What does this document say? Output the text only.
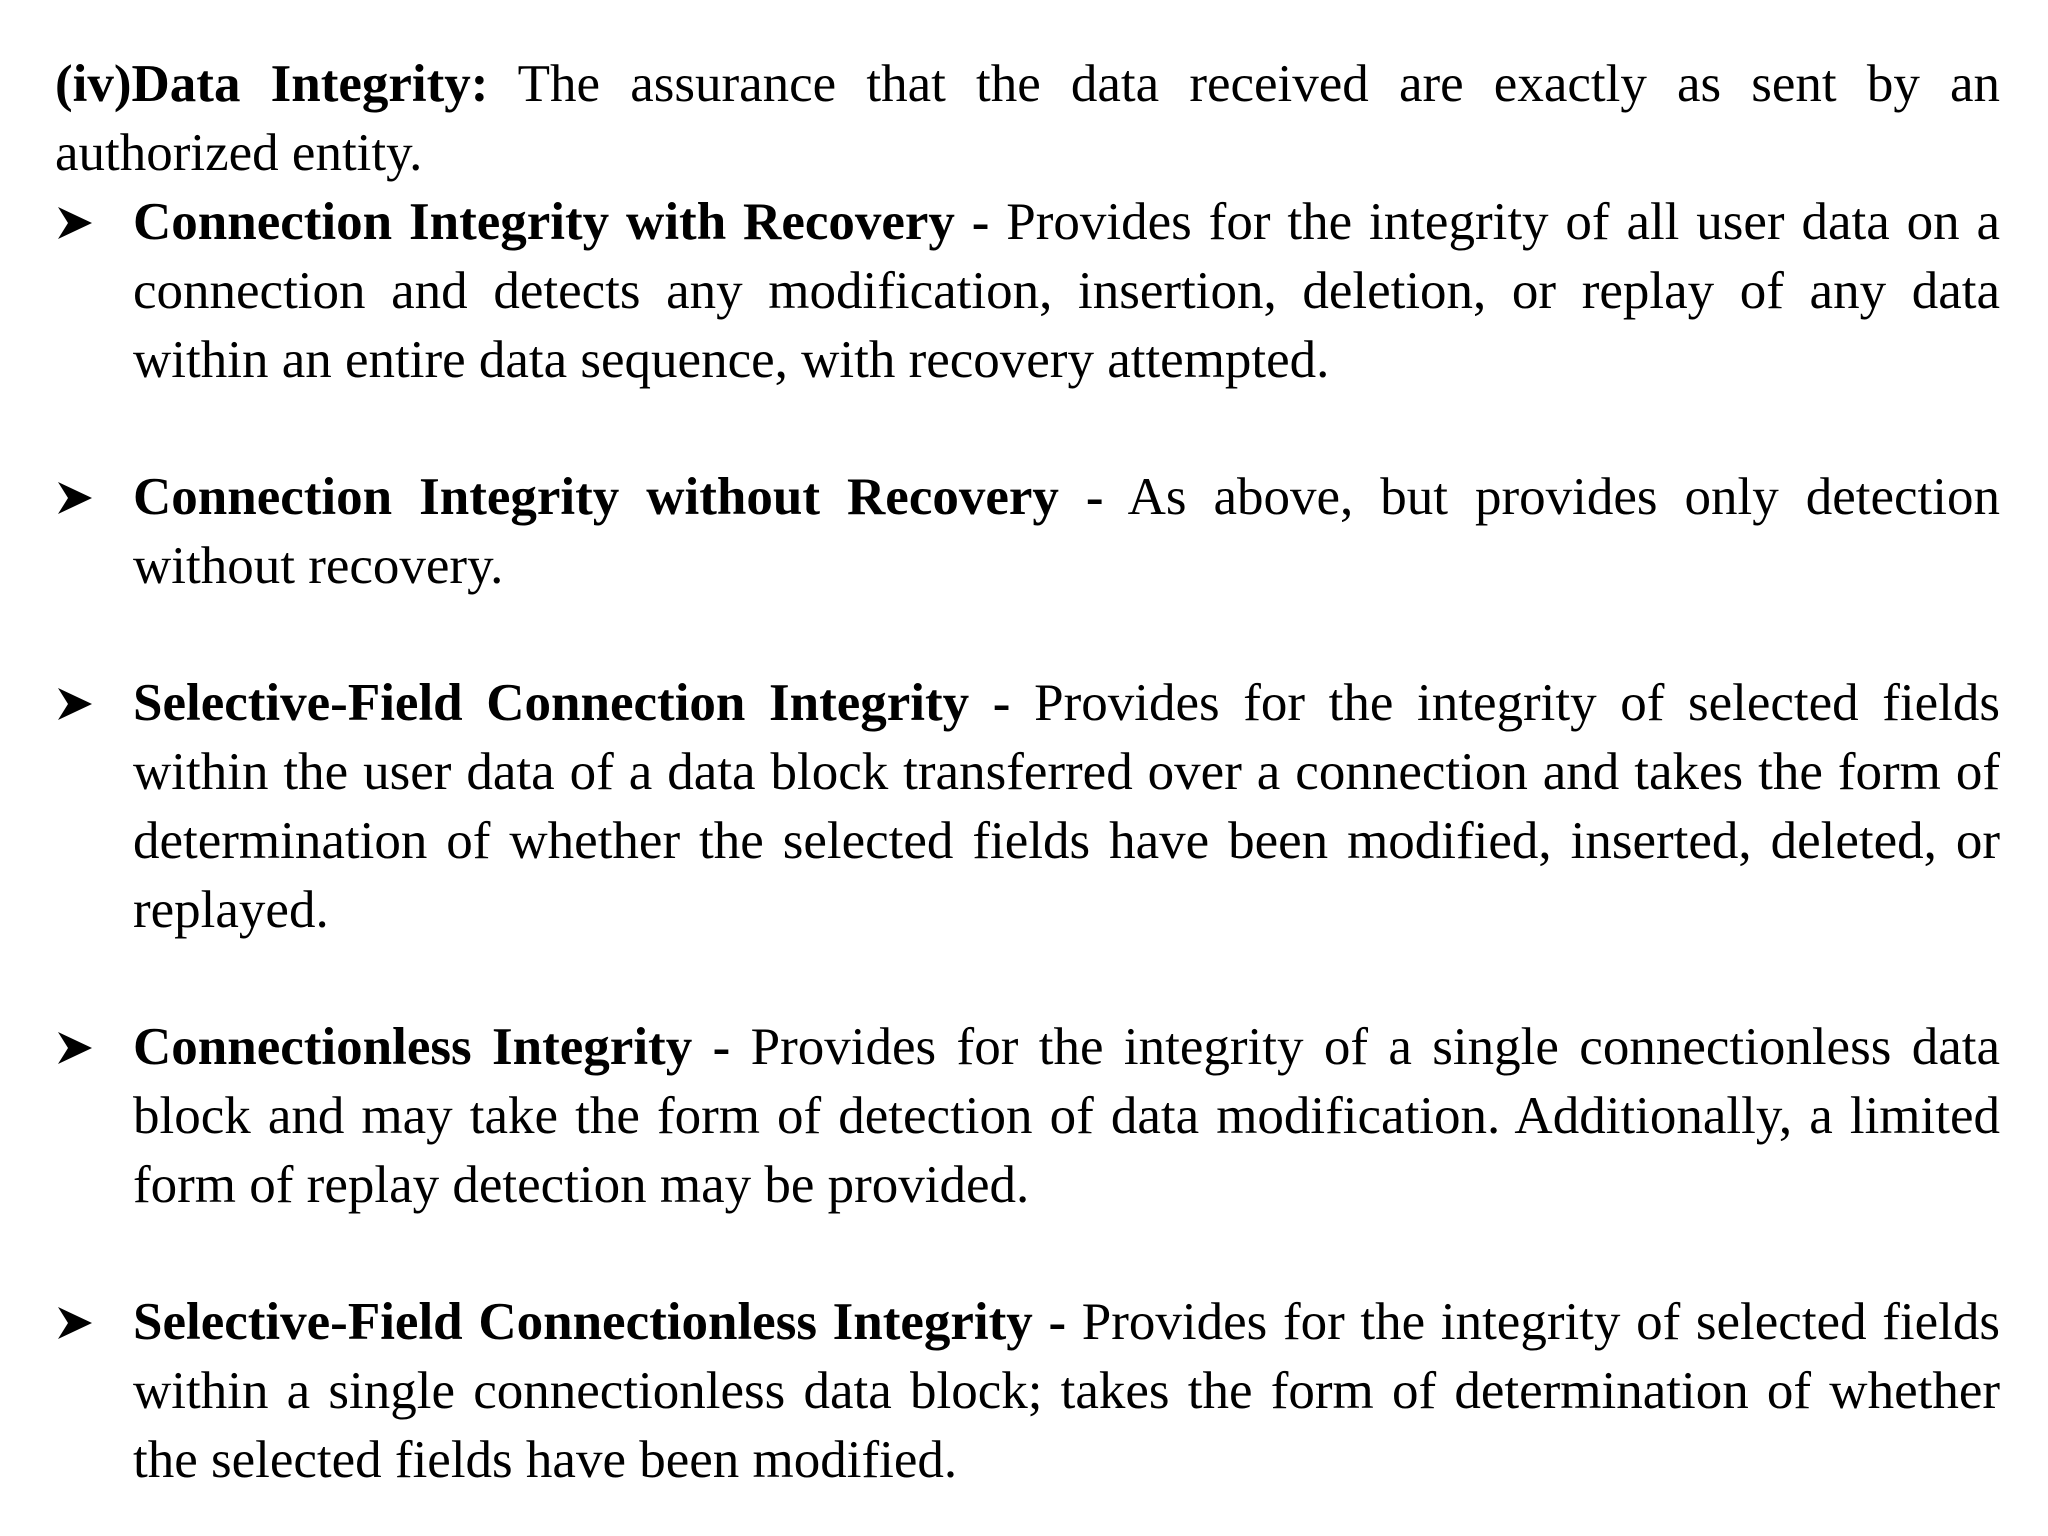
(iv)Data Integrity: The assurance that the data received are exactly as sent by an authorized entity.

Connection Integrity with Recovery - Provides for the integrity of all user data on a connection and detects any modification, insertion, deletion, or replay of any data within an entire data sequence, with recovery attempted.
Connection Integrity without Recovery - As above, but provides only detection without recovery.
Selective-Field Connection Integrity - Provides for the integrity of selected fields within the user data of a data block transferred over a connection and takes the form of determination of whether the selected fields have been modified, inserted, deleted, or replayed.
Connectionless Integrity - Provides for the integrity of a single connectionless data block and may take the form of detection of data modification. Additionally, a limited form of replay detection may be provided.
Selective-Field Connectionless Integrity - Provides for the integrity of selected fields within a single connectionless data block; takes the form of determination of whether the selected fields have been modified.
